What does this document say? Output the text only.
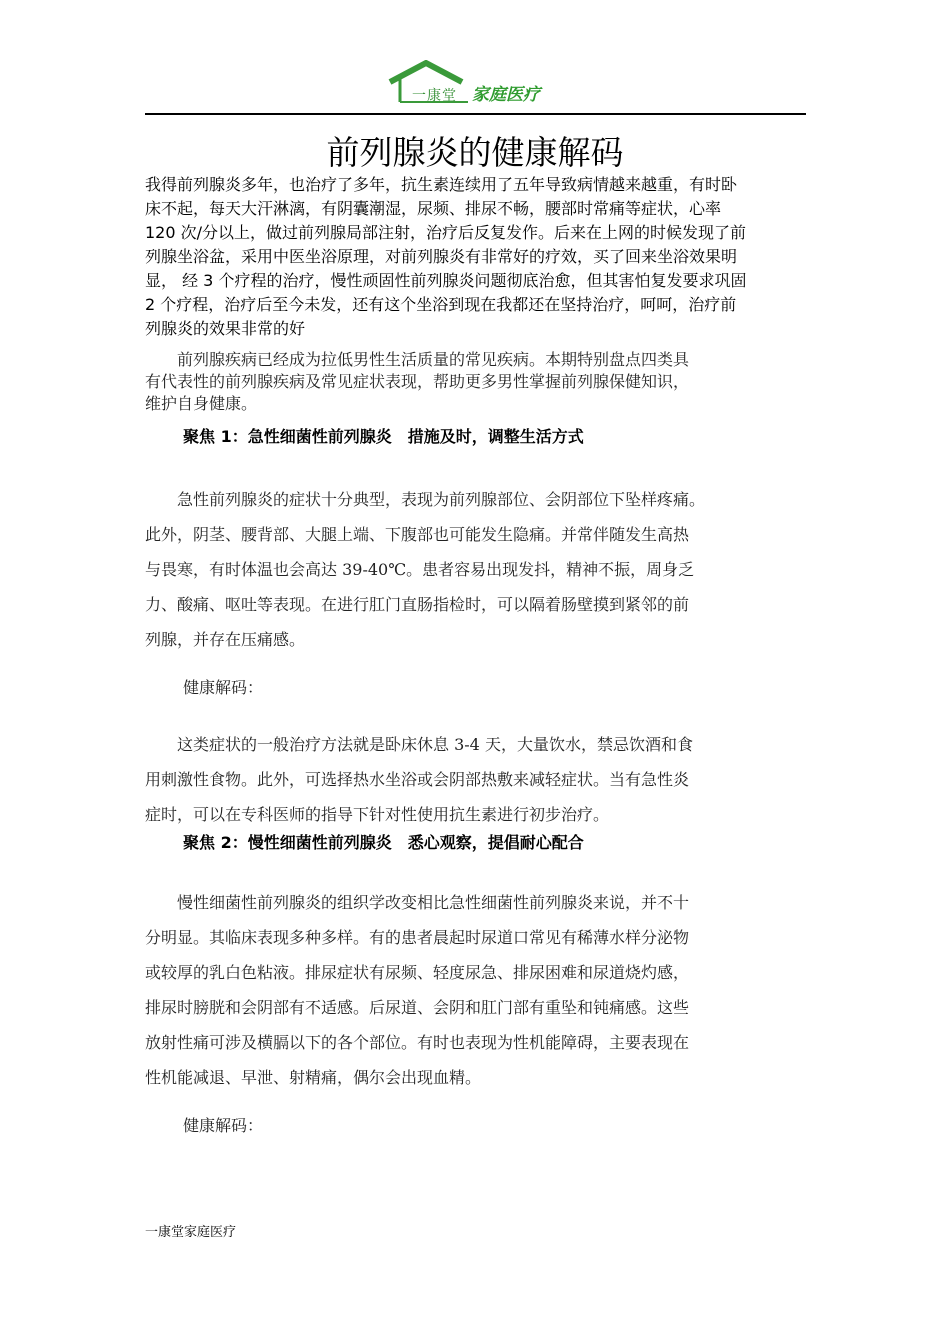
一康堂 家庭医疗
前列腺炎的健康解码
我得前列腺炎多年，也治疗了多年，抗生素连续用了五年导致病情越来越重，有时卧
床不起，每天大汗淋漓，有阴囊潮湿，尿频、排尿不畅，腰部时常痛等症状，心率
120 次/分以上，做过前列腺局部注射，治疗后反复发作。后来在上网的时候发现了前
列腺坐浴盆，采用中医坐浴原理，对前列腺炎有非常好的疗效，买了回来坐浴效果明
显， 经 3 个疗程的治疗，慢性顽固性前列腺炎问题彻底治愈，但其害怕复发要求巩固
2 个疗程，治疗后至今未发，还有这个坐浴到现在我都还在坚持治疗，呵呵，治疗前
列腺炎的效果非常的好
　　前列腺疾病已经成为拉低男性生活质量的常见疾病。本期特别盘点四类具
有代表性的前列腺疾病及常见症状表现，帮助更多男性掌握前列腺保健知识，
维护自身健康。
聚焦 1：急性细菌性前列腺炎　措施及时，调整生活方式
　　急性前列腺炎的症状十分典型，表现为前列腺部位、会阴部位下坠样疼痛。
此外，阴茎、腰背部、大腿上端、下腹部也可能发生隐痛。并常伴随发生高热
与畏寒，有时体温也会高达 39-40℃。患者容易出现发抖，精神不振，周身乏
力、酸痛、呕吐等表现。在进行肛门直肠指检时，可以隔着肠壁摸到紧邻的前
列腺，并存在压痛感。
健康解码：
　　这类症状的一般治疗方法就是卧床休息 3-4 天，大量饮水，禁忌饮酒和食
用刺激性食物。此外，可选择热水坐浴或会阴部热敷来减轻症状。当有急性炎
症时，可以在专科医师的指导下针对性使用抗生素进行初步治疗。
聚焦 2：慢性细菌性前列腺炎　悉心观察，提倡耐心配合
　　慢性细菌性前列腺炎的组织学改变相比急性细菌性前列腺炎来说，并不十
分明显。其临床表现多种多样。有的患者晨起时尿道口常见有稀薄水样分泌物
或较厚的乳白色粘液。排尿症状有尿频、轻度尿急、排尿困难和尿道烧灼感，
排尿时膀胱和会阴部有不适感。后尿道、会阴和肛门部有重坠和钝痛感。这些
放射性痛可涉及横膈以下的各个部位。有时也表现为性机能障碍，主要表现在
性机能减退、早泄、射精痛，偶尔会出现血精。
健康解码：
一康堂家庭医疗
